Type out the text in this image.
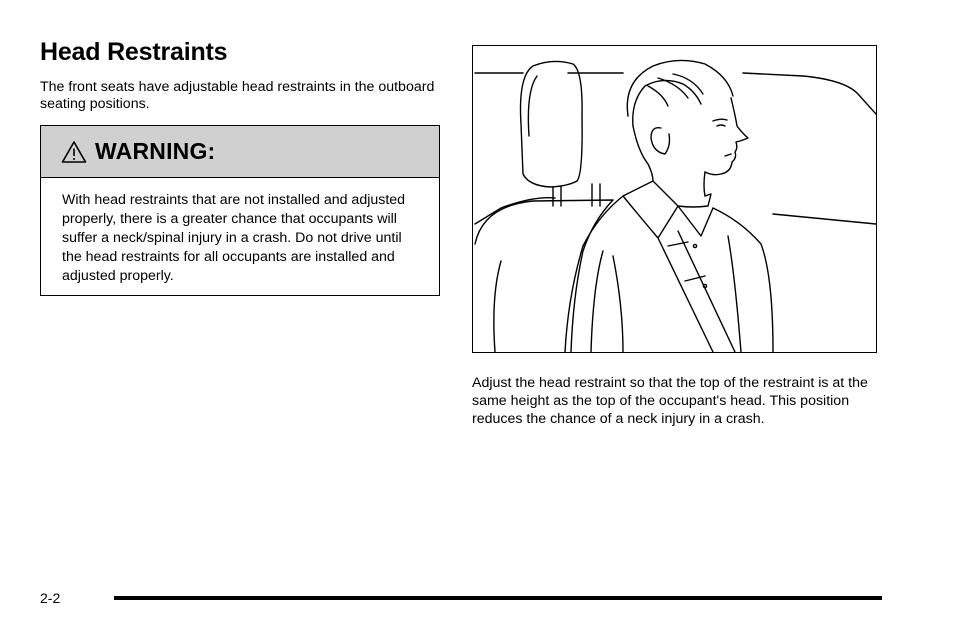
Head Restraints

The front seats have adjustable head restraints in the outboard seating positions.

WARNING:

With head restraints that are not installed and adjusted properly, there is a greater chance that occupants will suffer a neck/spinal injury in a crash. Do not drive until the head restraints for all occupants are installed and adjusted properly.

Adjust the head restraint so that the top of the restraint is at the same height as the top of the occupant's head. This position reduces the chance of a neck injury in a crash.

2-2
